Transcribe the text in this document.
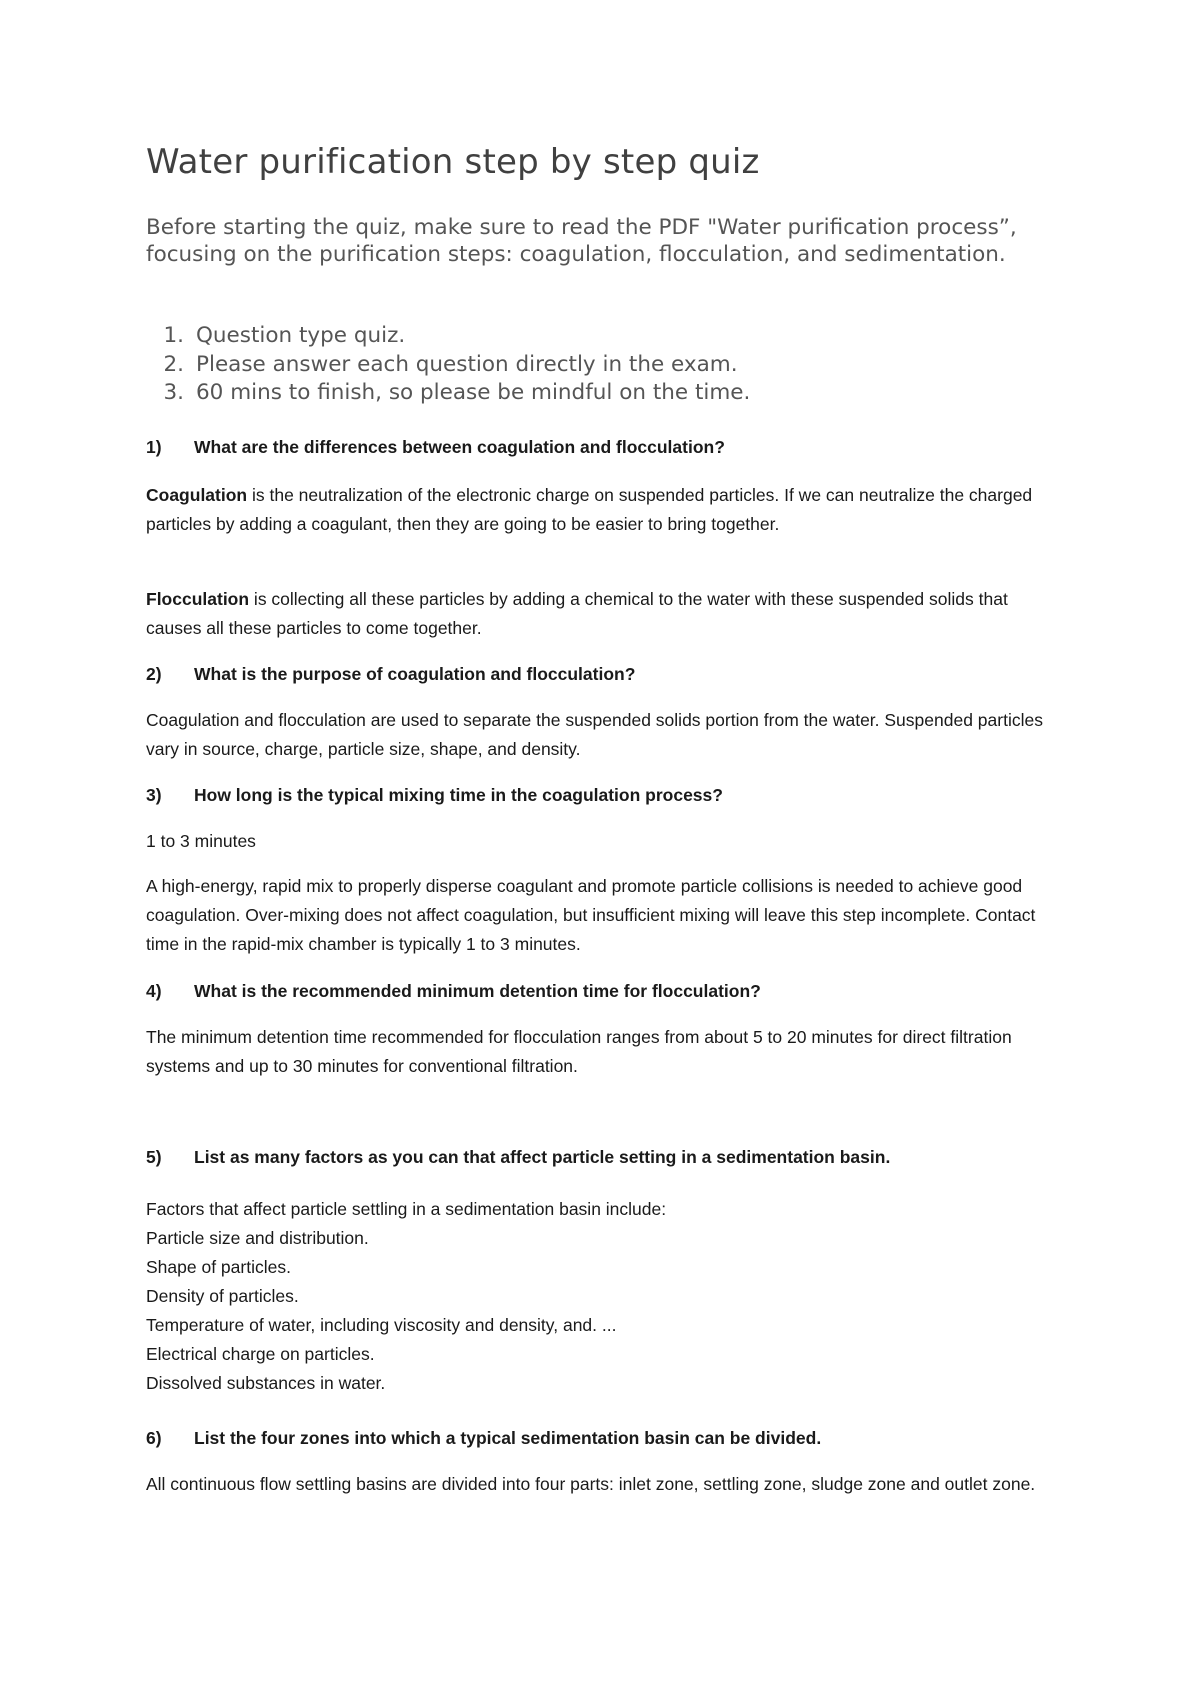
Water purification step by step quiz

Before starting the quiz, make sure to read the PDF "Water purification process”, focusing on the purification steps: coagulation, flocculation, and sedimentation.

1. Question type quiz.
2. Please answer each question directly in the exam.
3. 60 mins to finish, so please be mindful on the time.

1) What are the differences between coagulation and flocculation?

Coagulation is the neutralization of the electronic charge on suspended particles. If we can neutralize the charged particles by adding a coagulant, then they are going to be easier to bring together.

Flocculation is collecting all these particles by adding a chemical to the water with these suspended solids that causes all these particles to come together.

2) What is the purpose of coagulation and flocculation?

Coagulation and flocculation are used to separate the suspended solids portion from the water. Suspended particles vary in source, charge, particle size, shape, and density.

3) How long is the typical mixing time in the coagulation process?

1 to 3 minutes

A high-energy, rapid mix to properly disperse coagulant and promote particle collisions is needed to achieve good coagulation. Over-mixing does not affect coagulation, but insufficient mixing will leave this step incomplete. Contact time in the rapid-mix chamber is typically 1 to 3 minutes.

4) What is the recommended minimum detention time for flocculation?

The minimum detention time recommended for flocculation ranges from about 5 to 20 minutes for direct filtration systems and up to 30 minutes for conventional filtration.

5) List as many factors as you can that affect particle setting in a sedimentation basin.

Factors that affect particle settling in a sedimentation basin include:
Particle size and distribution.
Shape of particles.
Density of particles.
Temperature of water, including viscosity and density, and. ...
Electrical charge on particles.
Dissolved substances in water.

6) List the four zones into which a typical sedimentation basin can be divided.

All continuous flow settling basins are divided into four parts: inlet zone, settling zone, sludge zone and outlet zone.
